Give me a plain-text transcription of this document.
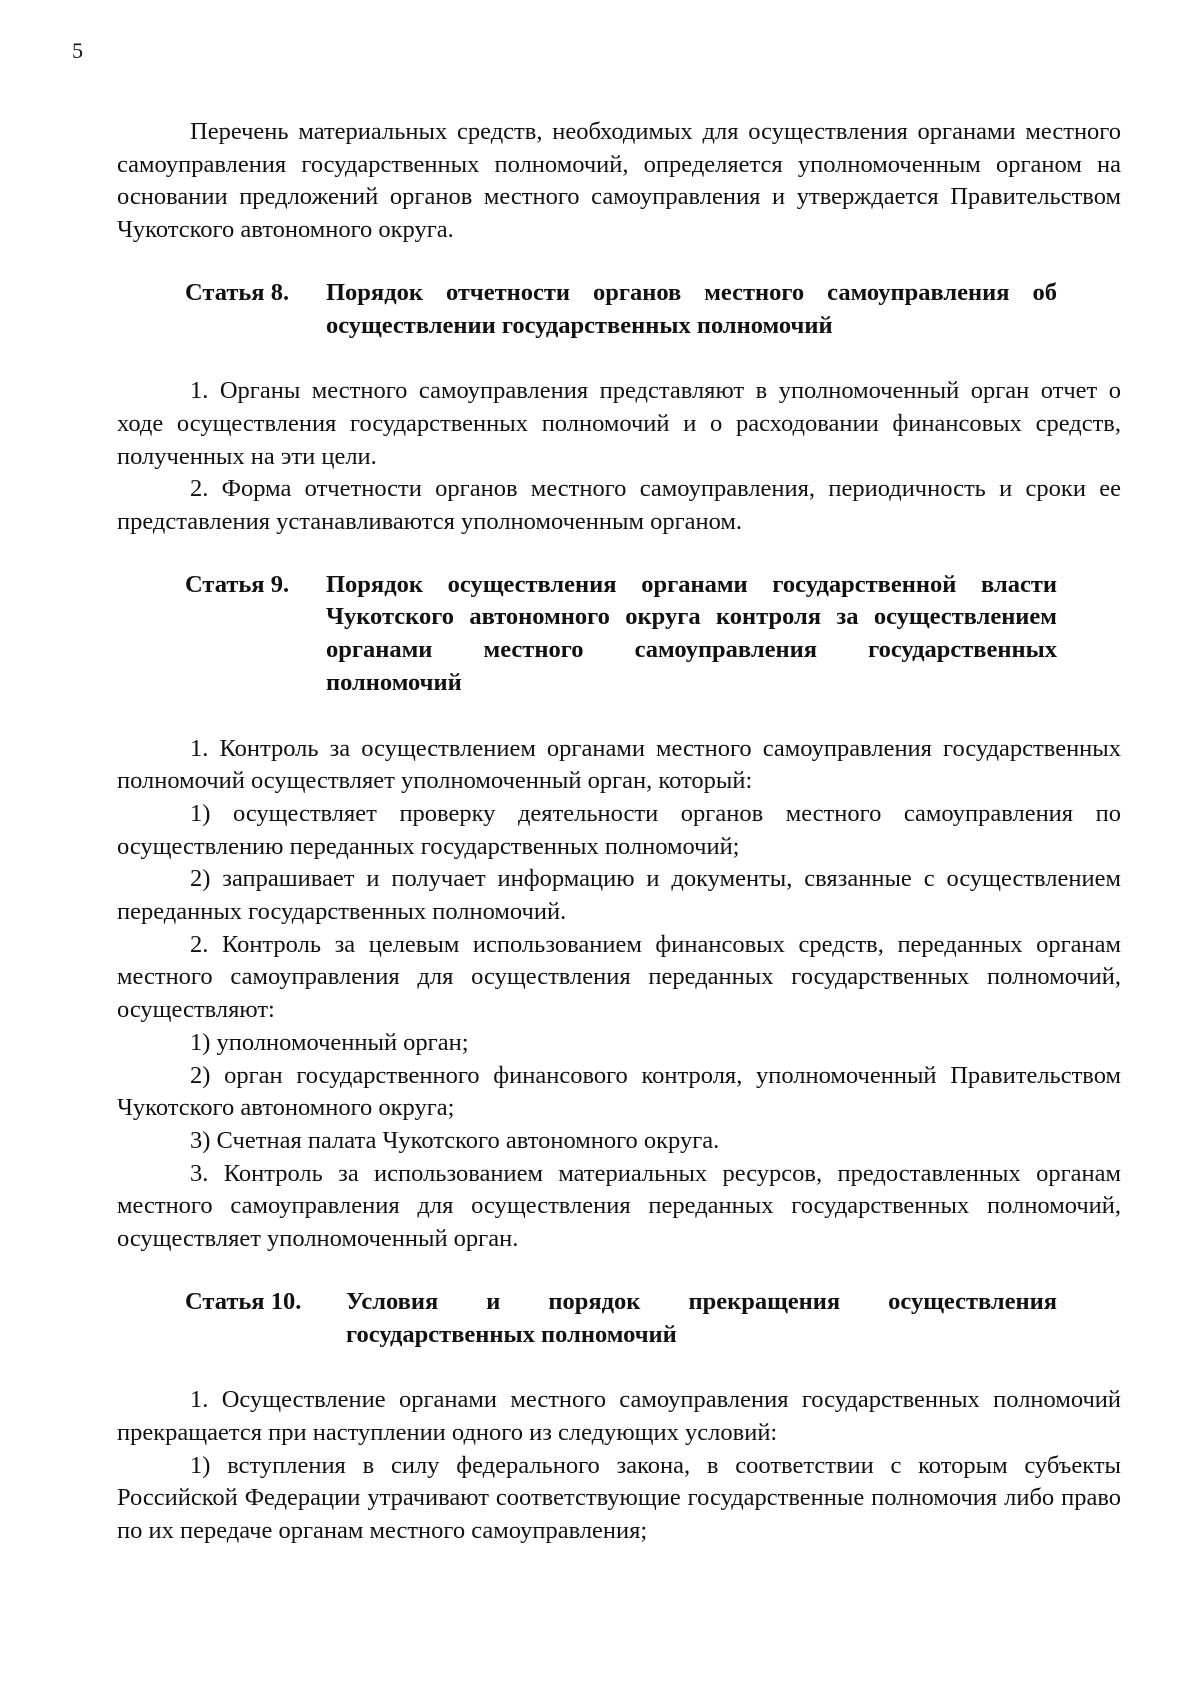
5

Перечень материальных средств, необходимых для осуществления органами местного самоуправления государственных полномочий, определяется уполномоченным органом на основании предложений органов местного самоуправления и утверждается Правительством Чукотского автономного округа.

Статья 8.	Порядок отчетности органов местного самоуправления об осуществлении государственных полномочий

1. Органы местного самоуправления представляют в уполномоченный орган отчет о ходе осуществления государственных полномочий и о расходовании финансовых средств, полученных на эти цели.

2. Форма отчетности органов местного самоуправления, периодичность и сроки ее представления устанавливаются уполномоченным органом.

Статья 9.	Порядок осуществления органами государственной власти Чукотского автономного округа контроля за осуществлением органами местного самоуправления государственных полномочий

1. Контроль за осуществлением органами местного самоуправления государственных полномочий осуществляет уполномоченный орган, который:

1) осуществляет проверку деятельности органов местного самоуправления по осуществлению переданных государственных полномочий;

2) запрашивает и получает информацию и документы, связанные с осуществлением переданных государственных полномочий.

2. Контроль за целевым использованием финансовых средств, переданных органам местного самоуправления для осуществления переданных государственных полномочий, осуществляют:

1) уполномоченный орган;

2) орган государственного финансового контроля, уполномоченный Правительством Чукотского автономного округа;

3) Счетная палата Чукотского автономного округа.

3. Контроль за использованием материальных ресурсов, предоставленных органам местного самоуправления для осуществления переданных государственных полномочий, осуществляет уполномоченный орган.

Статья 10.	Условия и порядок прекращения осуществления государственных полномочий

1. Осуществление органами местного самоуправления государственных полномочий прекращается при наступлении одного из следующих условий:

1) вступления в силу федерального закона, в соответствии с которым субъекты Российской Федерации утрачивают соответствующие государственные полномочия либо право по их передаче органам местного самоуправления;
